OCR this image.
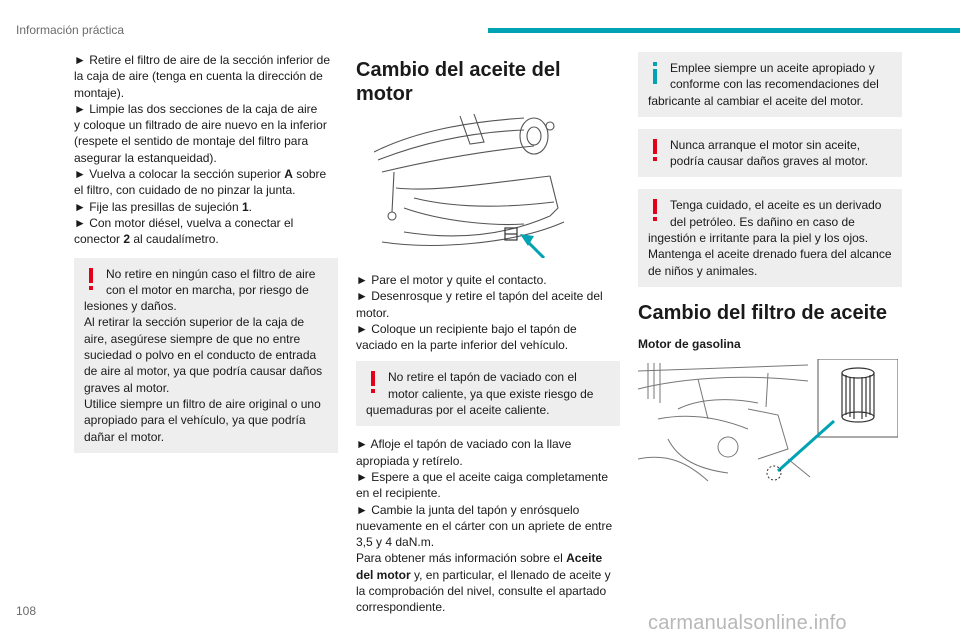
Información práctica

► Retire el filtro de aire de la sección inferior de
la caja de aire (tenga en cuenta la dirección de
montaje).
► Limpie las dos secciones de la caja de aire
y coloque un filtrado de aire nuevo en la inferior
(respete el sentido de montaje del filtro para
asegurar la estanqueidad).
► Vuelva a colocar la sección superior A sobre
el filtro, con cuidado de no pinzar la junta.
► Fije las presillas de sujeción 1.
► Con motor diésel, vuelva a conectar el
conector 2 al caudalímetro.

No retire en ningún caso el filtro de aire
con el motor en marcha, por riesgo de
lesiones y daños.
Al retirar la sección superior de la caja de
aire, asegúrese siempre de que no entre
suciedad o polvo en el conducto de entrada
de aire al motor, ya que podría causar daños
graves al motor.
Utilice siempre un filtro de aire original o uno
apropiado para el vehículo, ya que podría
dañar el motor.
Cambio del aceite del motor

► Pare el motor y quite el contacto.
► Desenrosque y retire el tapón del aceite del
motor.
► Coloque un recipiente bajo el tapón de
vaciado en la parte inferior del vehículo.

No retire el tapón de vaciado con el
motor caliente, ya que existe riesgo de
quemaduras por el aceite caliente.

► Afloje el tapón de vaciado con la llave
apropiada y retírelo.
► Espere a que el aceite caiga completamente
en el recipiente.
► Cambie la junta del tapón y enrósquelo
nuevamente en el cárter con un apriete de entre
3,5 y 4 daN.m.
Para obtener más información sobre el Aceite
del motor y, en particular, el llenado de aceite y
la comprobación del nivel, consulte el apartado
correspondiente.

Emplee siempre un aceite apropiado y
conforme con las recomendaciones del
fabricante al cambiar el aceite del motor.
Nunca arranque el motor sin aceite,
podría causar daños graves al motor.
Tenga cuidado, el aceite es un derivado
del petróleo. Es dañino en caso de
ingestión e irritante para la piel y los ojos.
Mantenga el aceite drenado fuera del alcance
de niños y animales.
Cambio del filtro de aceite
Motor de gasolina
108
carmanualsonline.info
